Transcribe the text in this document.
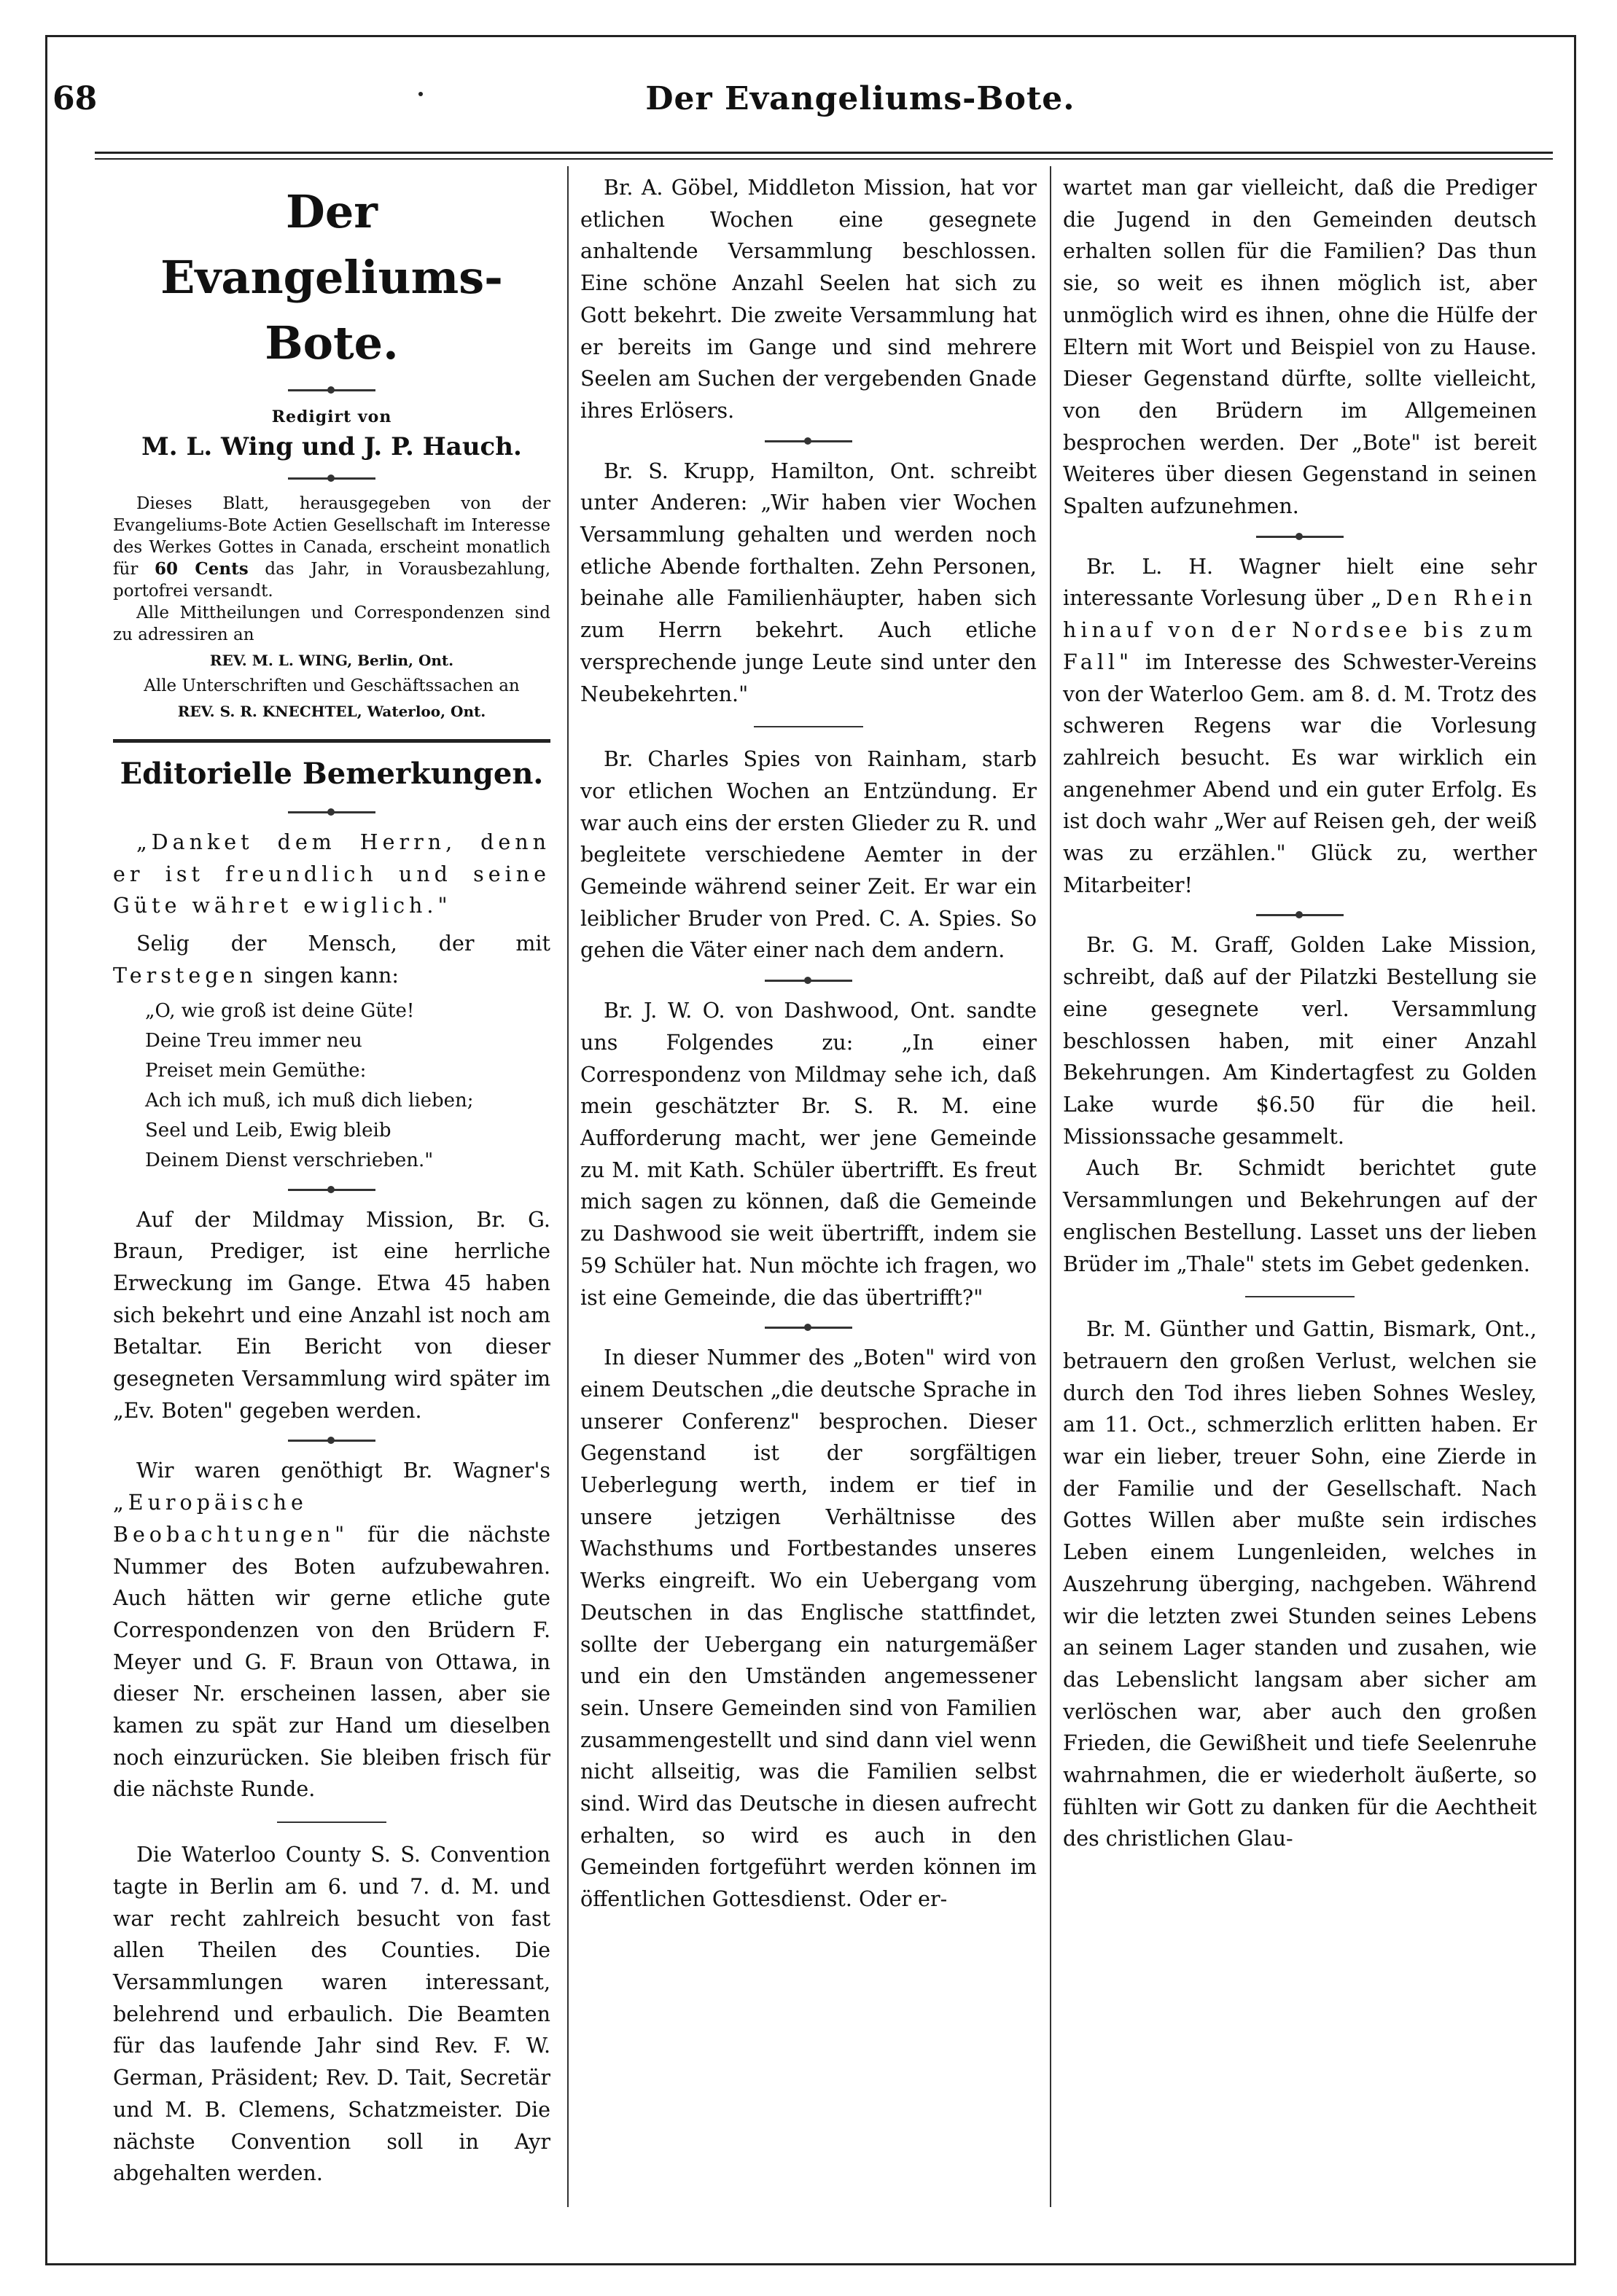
68	Der Evangeliums-Bote.
Der Evangeliums-Bote.
Redigirt von
M. L. Wing und J. P. Hauch.

Dieses Blatt, herausgegeben von der Evangeliums-Bote Actien Gesellschaft im Interesse des Werkes Gottes in Canada, erscheint monatlich für 60 Cents das Jahr, in Vorausbezahlung, portofrei versandt.

Alle Mittheilungen und Correspondenzen sind zu adressiren an

REV. M. L. WING, Berlin, Ont.

Alle Unterschriften und Geschäftssachen an

REV. S. R. KNECHTEL, Waterloo, Ont.
Editorielle Bemerkungen.

„Danket dem Herrn, denn er ist freundlich und seine Güte währet ewiglich."

Selig der Mensch, der mit Terstegen singen kann:

„O, wie groß ist deine Güte!
Deine Treu immer neu
Preiset mein Gemüthe:
Ach ich muß, ich muß dich lieben;
Seel und Leib, Ewig bleib
Deinem Dienst verschrieben."

Auf der Mildmay Mission, Br. G. Braun, Prediger, ist eine herrliche Erweckung im Gange. Etwa 45 haben sich bekehrt und eine Anzahl ist noch am Betaltar. Ein Bericht von dieser gesegneten Versammlung wird später im „Ev. Boten" gegeben werden.

Wir waren genöthigt Br. Wagner's „Europäische Beobachtungen" für die nächste Nummer des Boten aufzubewahren. Auch hätten wir gerne etliche gute Correspondenzen von den Brüdern F. Meyer und G. F. Braun von Ottawa, in dieser Nr. erscheinen lassen, aber sie kamen zu spät zur Hand um dieselben noch einzurücken. Sie bleiben frisch für die nächste Runde.

Die Waterloo County S. S. Convention tagte in Berlin am 6. und 7. d. M. und war recht zahlreich besucht von fast allen Theilen des Counties. Die Versammlungen waren interessant, belehrend und erbaulich. Die Beamten für das laufende Jahr sind Rev. F. W. German, Präsident; Rev. D. Tait, Secretär und M. B. Clemens, Schatzmeister. Die nächste Convention soll in Ayr abgehalten werden.

Br. A. Göbel, Middleton Mission, hat vor etlichen Wochen eine gesegnete anhaltende Versammlung beschlossen. Eine schöne Anzahl Seelen hat sich zu Gott bekehrt. Die zweite Versammlung hat er bereits im Gange und sind mehrere Seelen am Suchen der vergebenden Gnade ihres Erlösers.

Br. S. Krupp, Hamilton, Ont. schreibt unter Anderen: „Wir haben vier Wochen Versammlung gehalten und werden noch etliche Abende forthalten. Zehn Personen, beinahe alle Familienhäupter, haben sich zum Herrn bekehrt. Auch etliche versprechende junge Leute sind unter den Neubekehrten."

Br. Charles Spies von Rainham, starb vor etlichen Wochen an Entzündung. Er war auch eins der ersten Glieder zu R. und begleitete verschiedene Aemter in der Gemeinde während seiner Zeit. Er war ein leiblicher Bruder von Pred. C. A. Spies. So gehen die Väter einer nach dem andern.

Br. J. W. O. von Dashwood, Ont. sandte uns Folgendes zu: „In einer Correspondenz von Mildmay sehe ich, daß mein geschätzter Br. S. R. M. eine Aufforderung macht, wer jene Gemeinde zu M. mit Kath. Schüler übertrifft. Es freut mich sagen zu können, daß die Gemeinde zu Dashwood sie weit übertrifft, indem sie 59 Schüler hat. Nun möchte ich fragen, wo ist eine Gemeinde, die das übertrifft?"

In dieser Nummer des „Boten" wird von einem Deutschen „die deutsche Sprache in unserer Conferenz" besprochen. Dieser Gegenstand ist der sorgfältigen Ueberlegung werth, indem er tief in unsere jetzigen Verhältnisse des Wachsthums und Fortbestandes unseres Werks eingreift. Wo ein Uebergang vom Deutschen in das Englische stattfindet, sollte der Uebergang ein naturgemäßer und ein den Umständen angemessener sein. Unsere Gemeinden sind von Familien zusammengestellt und sind dann viel wenn nicht allseitig, was die Familien selbst sind. Wird das Deutsche in diesen aufrecht erhalten, so wird es auch in den Gemeinden fortgeführt werden können im öffentlichen Gottesdienst. Oder er-

wartet man gar vielleicht, daß die Prediger die Jugend in den Gemeinden deutsch erhalten sollen für die Familien? Das thun sie, so weit es ihnen möglich ist, aber unmöglich wird es ihnen, ohne die Hülfe der Eltern mit Wort und Beispiel von zu Hause. Dieser Gegenstand dürfte, sollte vielleicht, von den Brüdern im Allgemeinen besprochen werden. Der „Bote" ist bereit Weiteres über diesen Gegenstand in seinen Spalten aufzunehmen.

Br. L. H. Wagner hielt eine sehr interessante Vorlesung über „Den Rhein hinauf von der Nordsee bis zum Fall" im Interesse des Schwester-Vereins von der Waterloo Gem. am 8. d. M. Trotz des schweren Regens war die Vorlesung zahlreich besucht. Es war wirklich ein angenehmer Abend und ein guter Erfolg. Es ist doch wahr „Wer auf Reisen geh, der weiß was zu erzählen." Glück zu, werther Mitarbeiter!

Br. G. M. Graff, Golden Lake Mission, schreibt, daß auf der Pilatzki Bestellung sie eine gesegnete verl. Versammlung beschlossen haben, mit einer Anzahl Bekehrungen. Am Kindertagfest zu Golden Lake wurde $6.50 für die heil. Missionssache gesammelt.

Auch Br. Schmidt berichtet gute Versammlungen und Bekehrungen auf der englischen Bestellung. Lasset uns der lieben Brüder im „Thale" stets im Gebet gedenken.

Br. M. Günther und Gattin, Bismark, Ont., betrauern den großen Verlust, welchen sie durch den Tod ihres lieben Sohnes Wesley, am 11. Oct., schmerzlich erlitten haben. Er war ein lieber, treuer Sohn, eine Zierde in der Familie und der Gesellschaft. Nach Gottes Willen aber mußte sein irdisches Leben einem Lungenleiden, welches in Auszehrung überging, nachgeben. Während wir die letzten zwei Stunden seines Lebens an seinem Lager standen und zusahen, wie das Lebenslicht langsam aber sicher am verlöschen war, aber auch den großen Frieden, die Gewißheit und tiefe Seelenruhe wahrnahmen, die er wiederholt äußerte, so fühlten wir Gott zu danken für die Aechtheit des christlichen Glau-
